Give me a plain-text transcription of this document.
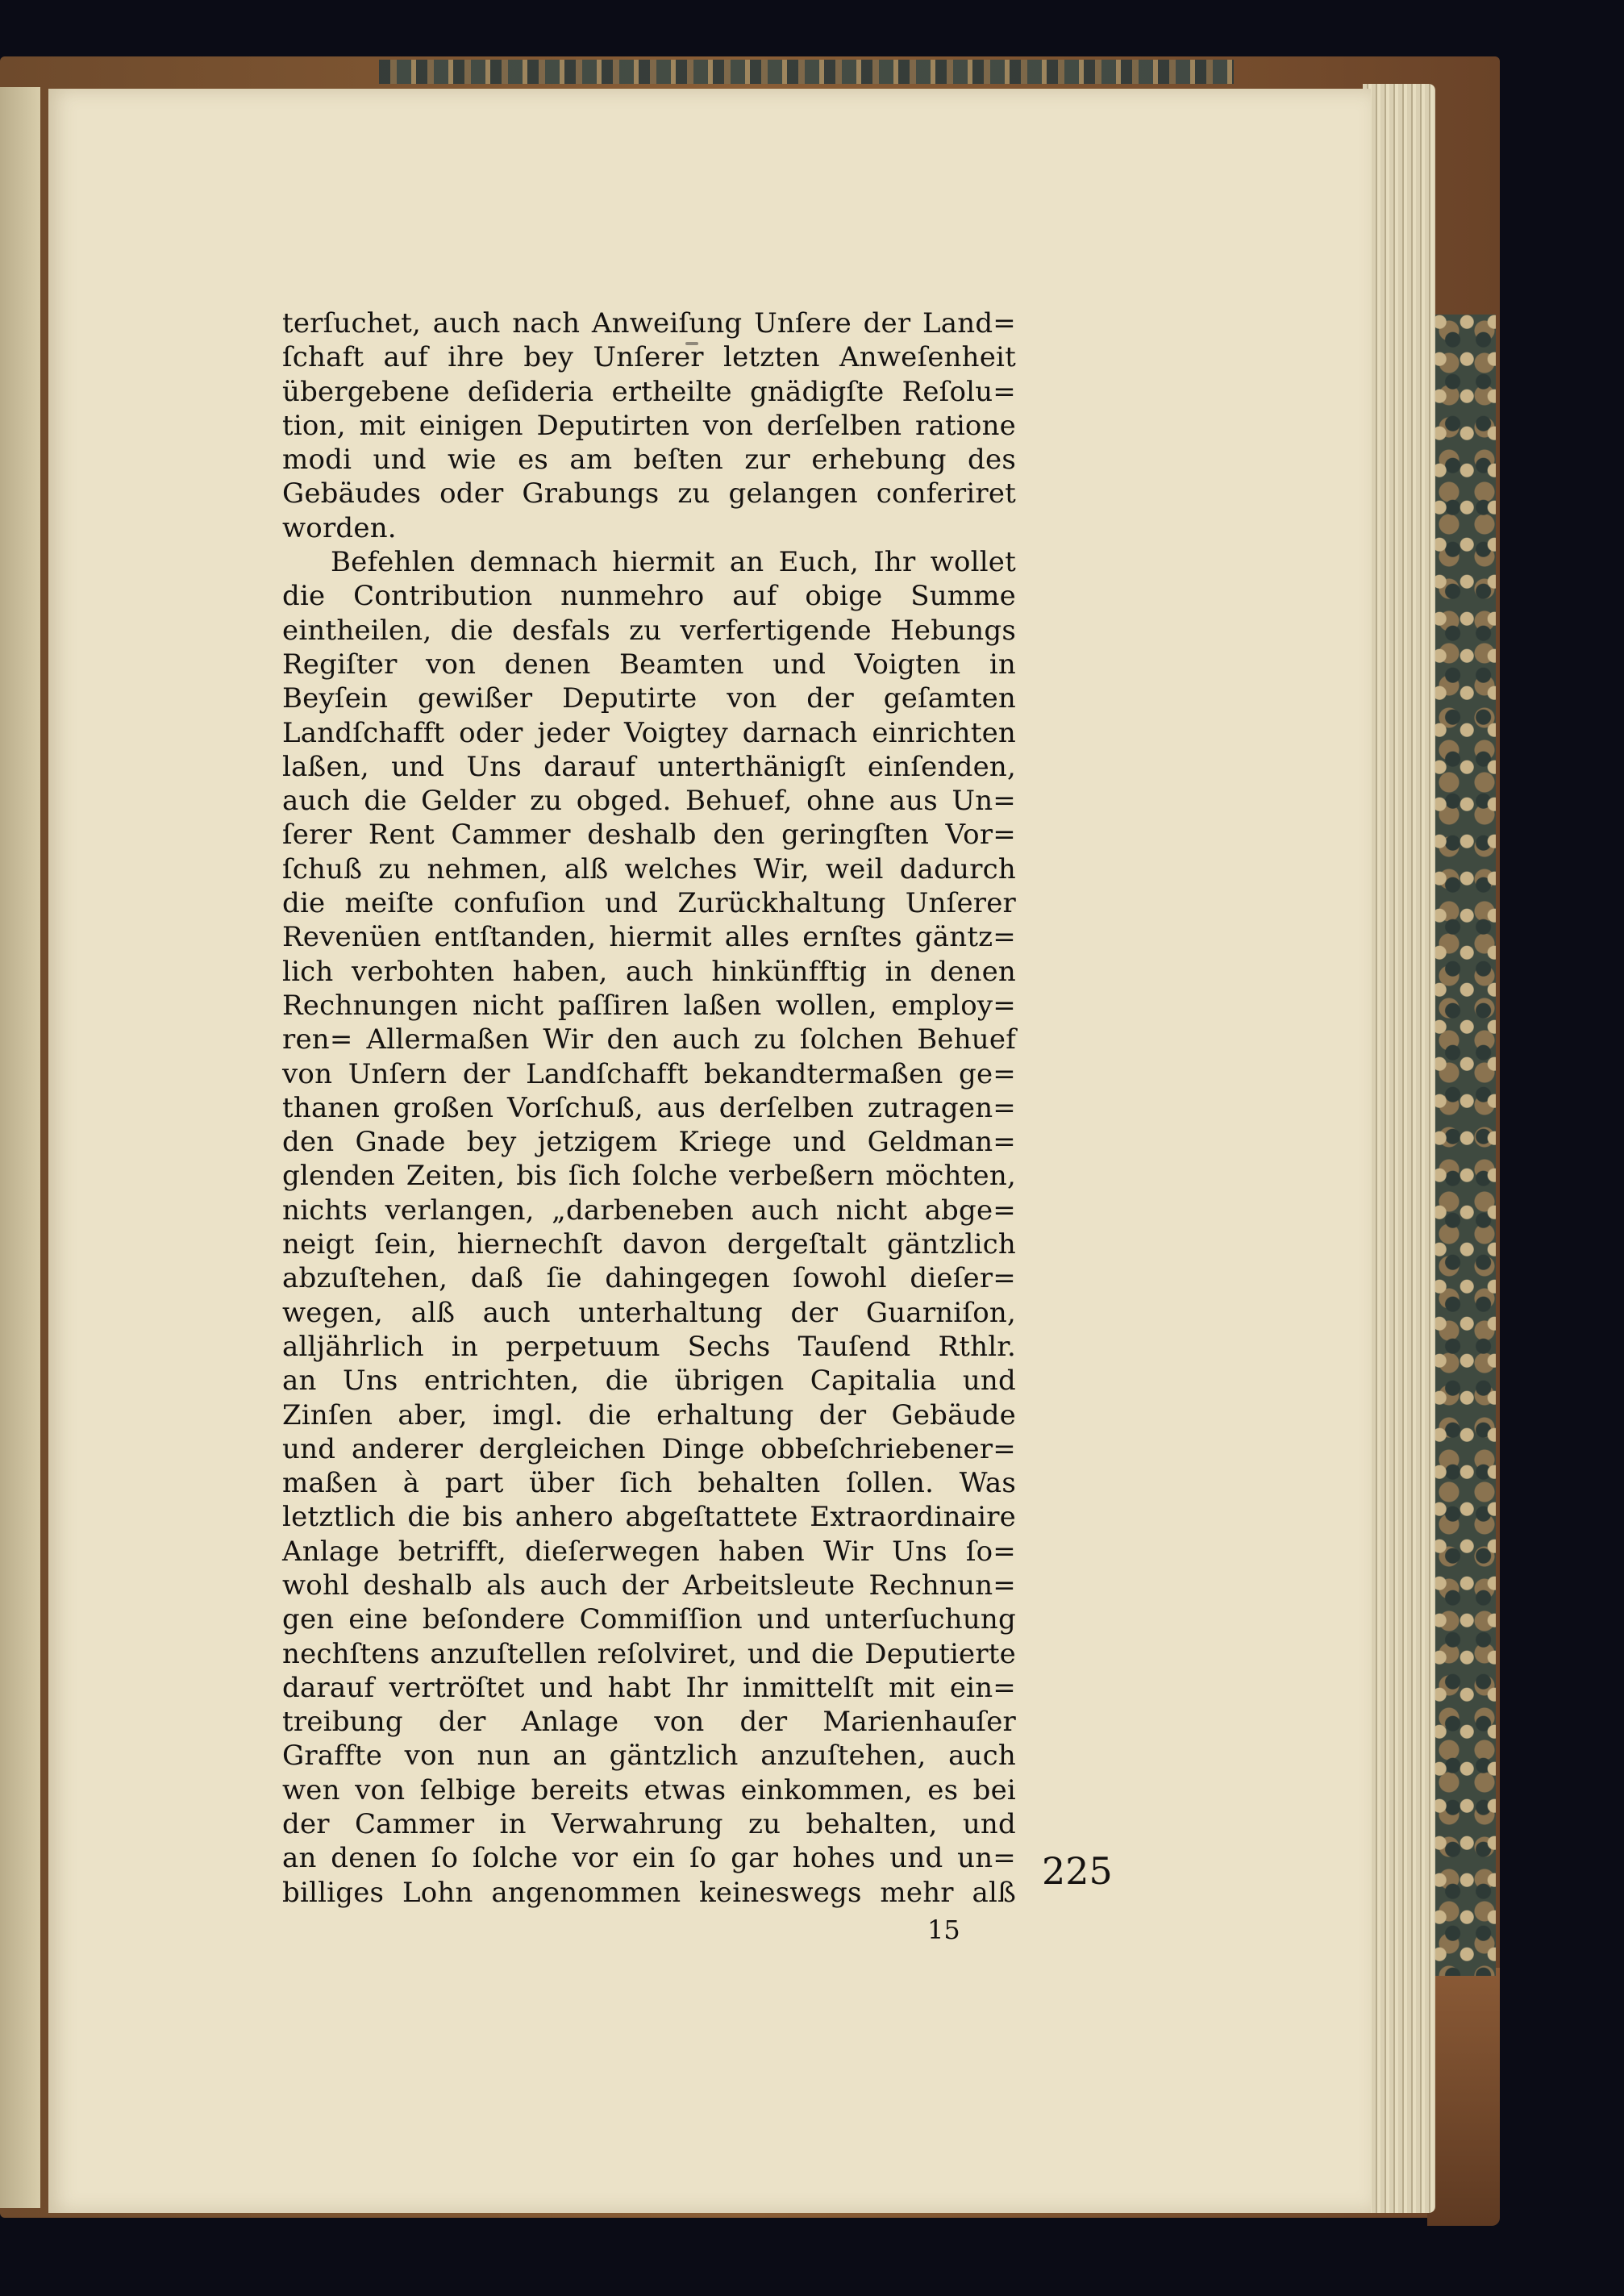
terſuchet, auch nach Anweiſung Unſere der Land=
ſchaft auf ihre bey Unſerer letzten Anweſenheit
übergebene deſideria ertheilte gnädigſte Reſolu=
tion, mit einigen Deputirten von derſelben ratione
modi und wie es am beſten zur erhebung des
Gebäudes oder Grabungs zu gelangen conferiret
worden.
Befehlen demnach hiermit an Euch, Ihr wollet
die Contribution nunmehro auf obige Summe
eintheilen, die desfals zu verfertigende Hebungs
Regiſter von denen Beamten und Voigten in
Beyſein gewißer Deputirte von der geſamten
Landſchafft oder jeder Voigtey darnach einrichten
laßen, und Uns darauf unterthänigſt einſenden,
auch die Gelder zu obged. Behuef, ohne aus Un=
ſerer Rent Cammer deshalb den geringſten Vor=
ſchuß zu nehmen, alß welches Wir, weil dadurch
die meiſte confuſion und Zurückhaltung Unſerer
Revenüen entſtanden, hiermit alles ernſtes gäntz=
lich verbohten haben, auch hinkünfftig in denen
Rechnungen nicht paſſiren laßen wollen, employ=
ren= Allermaßen Wir den auch zu ſolchen Behuef
von Unſern der Landſchafft bekandtermaßen ge=
thanen großen Vorſchuß, aus derſelben zutragen=
den Gnade bey jetzigem Kriege und Geldman=
glenden Zeiten, bis ſich ſolche verbeßern möchten,
nichts verlangen, „darbeneben auch nicht abge=
neigt ſein, hiernechſt davon dergeſtalt gäntzlich
abzuſtehen, daß ſie dahingegen ſowohl dieſer=
wegen, alß auch unterhaltung der Guarniſon,
alljährlich in perpetuum Sechs Tauſend Rthlr.
an Uns entrichten, die übrigen Capitalia und
Zinſen aber, imgl. die erhaltung der Gebäude
und anderer dergleichen Dinge obbeſchriebener=
maßen à part über ſich behalten ſollen. Was
letztlich die bis anhero abgeſtattete Extraordinaire
Anlage betrifft, dieſerwegen haben Wir Uns ſo=
wohl deshalb als auch der Arbeitsleute Rechnun=
gen eine beſondere Commiſſion und unterſuchung
nechſtens anzuſtellen reſolviret, und die Deputierte
darauf vertröſtet und habt Ihr inmittelſt mit ein=
treibung der Anlage von der Marienhauſer
Graffte von nun an gäntzlich anzuſtehen, auch
wen von ſelbige bereits etwas einkommen, es bei
der Cammer in Verwahrung zu behalten, und
an denen ſo ſolche vor ein ſo gar hohes und un=
billiges Lohn angenommen keineswegs mehr alß 225
15
